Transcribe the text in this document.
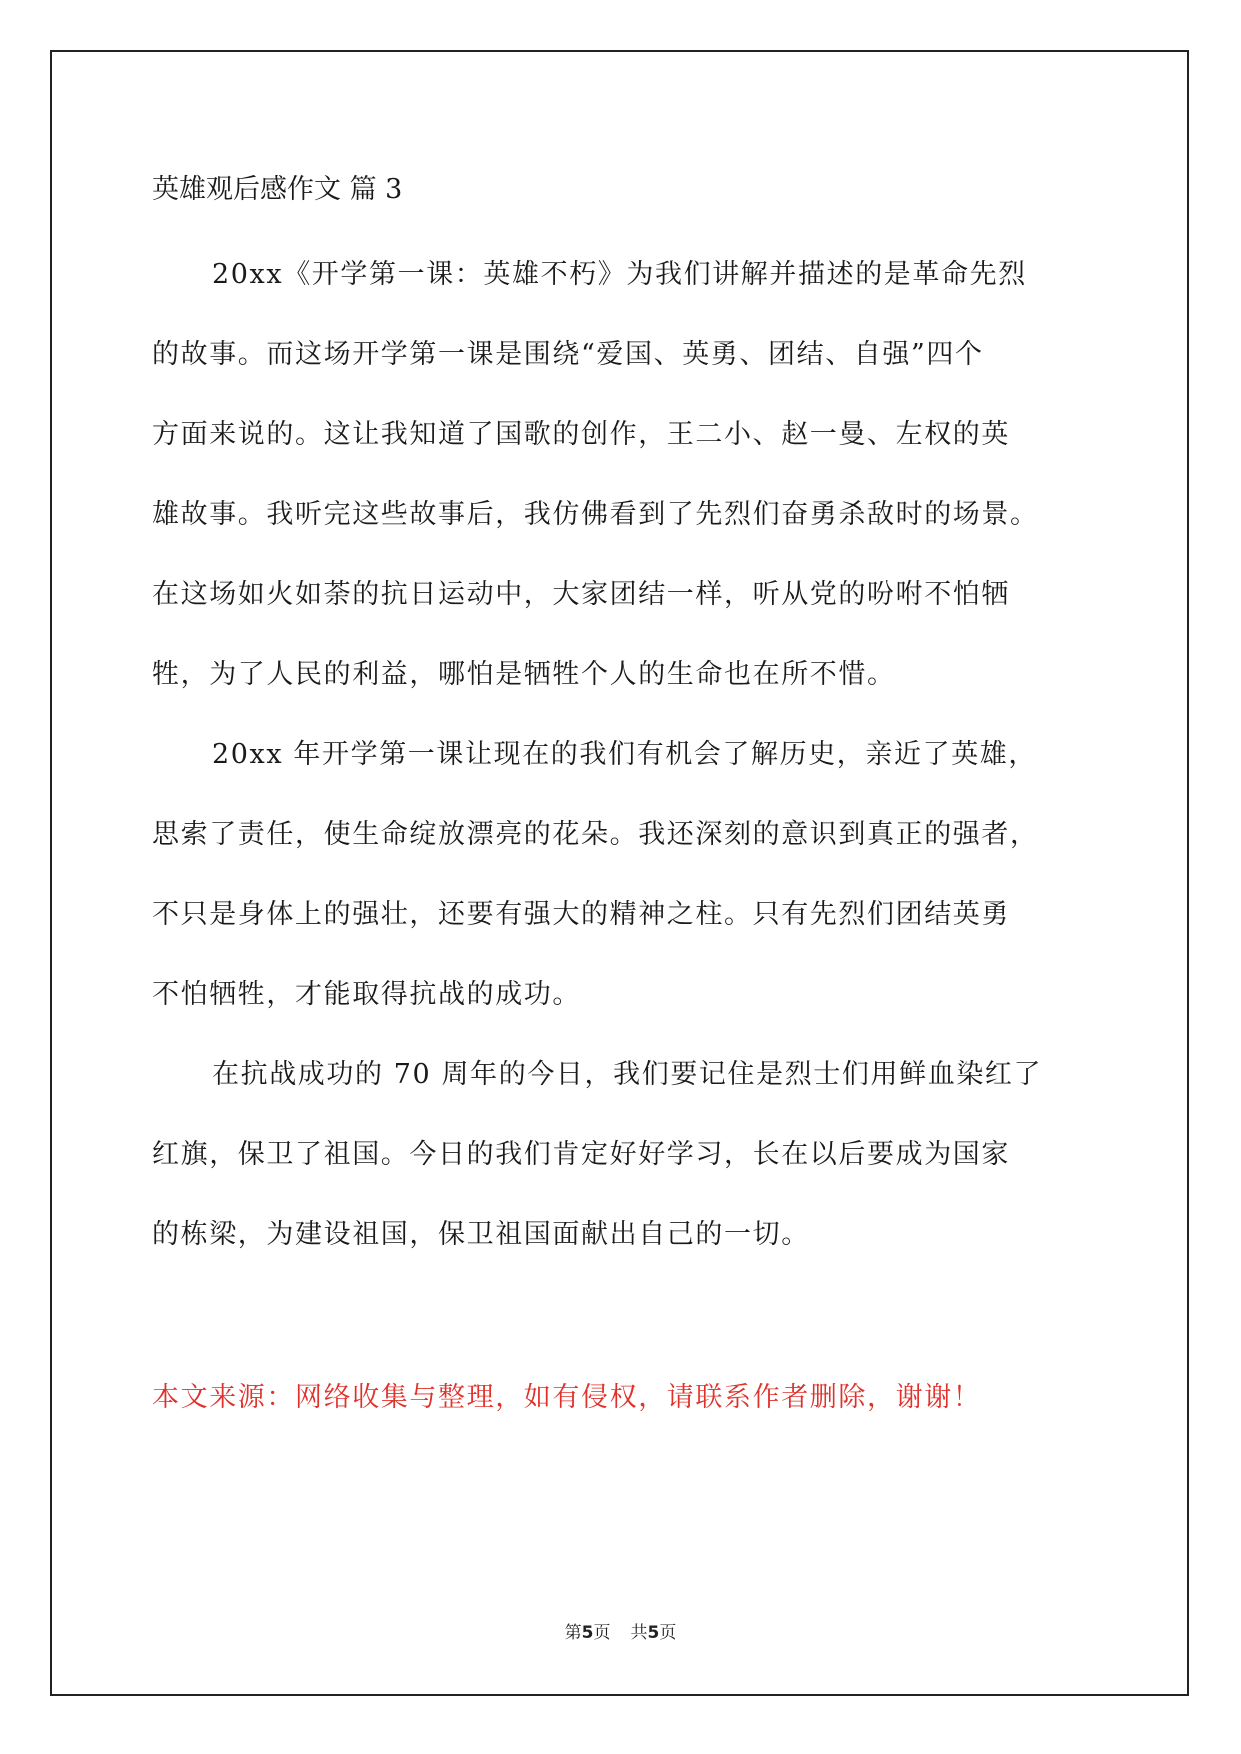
英雄观后感作文 篇 3
20xx《开学第一课：英雄不朽》为我们讲解并描述的是革命先烈
的故事。而这场开学第一课是围绕“爱国、英勇、团结、自强”四个
方面来说的。这让我知道了国歌的创作，王二小、赵一曼、左权的英
雄故事。我听完这些故事后，我仿佛看到了先烈们奋勇杀敌时的场景。
在这场如火如荼的抗日运动中，大家团结一样，听从党的吩咐不怕牺
牲，为了人民的利益，哪怕是牺牲个人的生命也在所不惜。
20xx 年开学第一课让现在的我们有机会了解历史，亲近了英雄，
思索了责任，使生命绽放漂亮的花朵。我还深刻的意识到真正的强者，
不只是身体上的强壮，还要有强大的精神之柱。只有先烈们团结英勇
不怕牺牲，才能取得抗战的成功。
在抗战成功的 70 周年的今日，我们要记住是烈士们用鲜血染红了
红旗，保卫了祖国。今日的我们肯定好好学习，长在以后要成为国家
的栋梁，为建设祖国，保卫祖国面献出自己的一切。
本文来源：网络收集与整理，如有侵权，请联系作者删除，谢谢！
第5页 共5页
